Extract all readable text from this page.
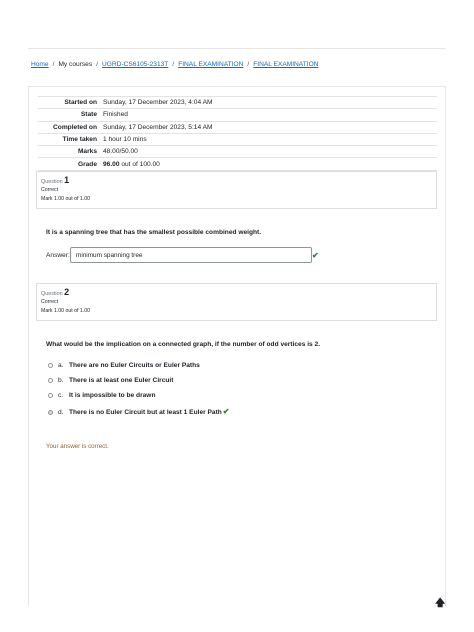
Home / My courses / UGRD-CS6105-2313T / FINAL EXAMINATION / FINAL EXAMINATION
Started on	Sunday, 17 December 2023, 4:04 AM
State	Finished
Completed on	Sunday, 17 December 2023, 5:14 AM
Time taken	1 hour 10 mins
Marks	48.00/50.00
Grade	96.00 out of 100.00
Question 1
Correct
Mark 1.00 out of 1.00
It is a spanning tree that has the smallest possible combined weight.
Answer: minimum spanning tree	✔
Question 2
Correct
Mark 1.00 out of 1.00
What would be the implication on a connected graph, if the number of odd vertices is 2.
a. There are no Euler Circuits or Euler Paths
b. There is at least one Euler Circuit
c. It is impossible to be drawn
d. There is no Euler Circuit but at least 1 Euler Path✔
Your answer is correct.
🡅
